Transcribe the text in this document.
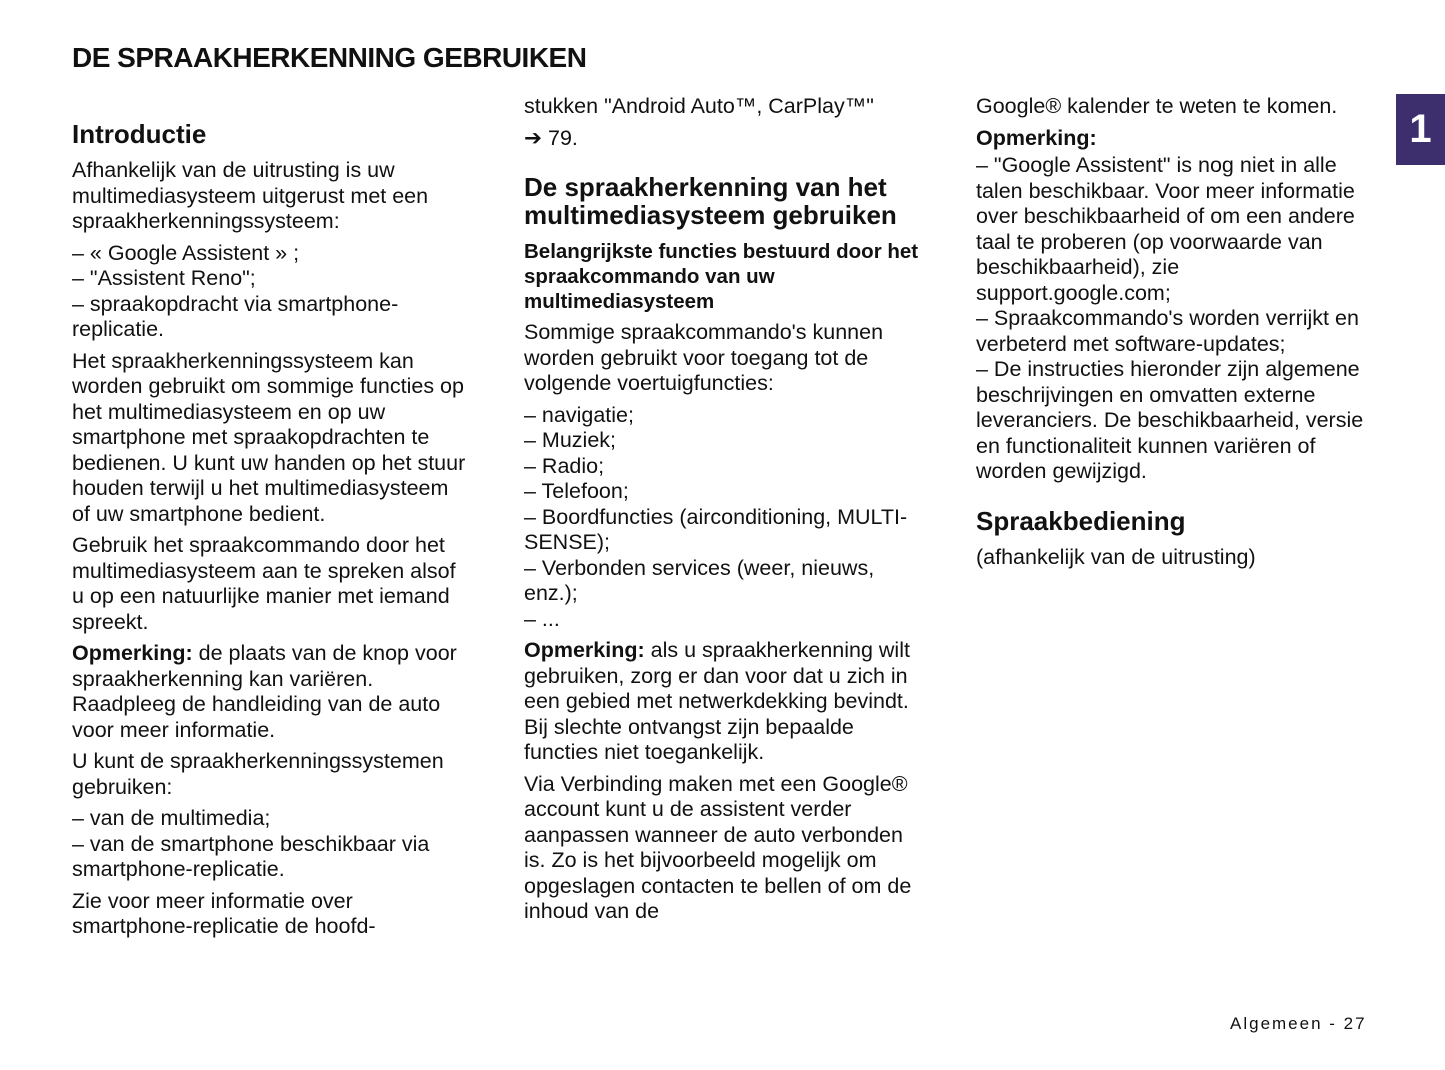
DE SPRAAKHERKENNING GEBRUIKEN
1
Introductie

Afhankelijk van de uitrusting is uw multimediasysteem uitgerust met een spraakherkenningssysteem:

– « Google Assistent » ;
– "Assistent Reno";
– spraakopdracht via smartphone-replicatie.

Het spraakherkenningssysteem kan worden gebruikt om sommige functies op het multimediasysteem en op uw smartphone met spraakopdrachten te bedienen. U kunt uw handen op het stuur houden terwijl u het multimediasysteem of uw smartphone bedient.

Gebruik het spraakcommando door het multimediasysteem aan te spreken alsof u op een natuurlijke manier met iemand spreekt.

Opmerking: de plaats van de knop voor spraakherkenning kan variëren. Raadpleeg de handleiding van de auto voor meer informatie.

U kunt de spraakherkenningssystemen gebruiken:

– van de multimedia;
– van de smartphone beschikbaar via smartphone-replicatie.

Zie voor meer informatie over smartphone-replicatie de hoofd-

stukken "Android Auto™, CarPlay™"

➔ 79.

De spraakherkenning van het multimediasysteem gebruiken
Belangrijkste functies bestuurd door het spraakcommando van uw multimediasysteem

Sommige spraakcommando's kunnen worden gebruikt voor toegang tot de volgende voertuigfuncties:

– navigatie;
– Muziek;
– Radio;
– Telefoon;
– Boordfuncties (airconditioning, MULTI-SENSE);
– Verbonden services (weer, nieuws, enz.);
– ...

Opmerking: als u spraakherkenning wilt gebruiken, zorg er dan voor dat u zich in een gebied met netwerkdekking bevindt. Bij slechte ontvangst zijn bepaalde functies niet toegankelijk.

Via Verbinding maken met een Google® account kunt u de assistent verder aanpassen wanneer de auto verbonden is. Zo is het bijvoorbeeld mogelijk om opgeslagen contacten te bellen of om de inhoud van de

Google® kalender te weten te komen.

Opmerking:

– "Google Assistent" is nog niet in alle talen beschikbaar. Voor meer informatie over beschikbaarheid of om een andere taal te proberen (op voorwaarde van beschikbaarheid), zie support.google.com;
– Spraakcommando's worden verrijkt en verbeterd met software-updates;
– De instructies hieronder zijn algemene beschrijvingen en omvatten externe leveranciers. De beschikbaarheid, versie en functionaliteit kunnen variëren of worden gewijzigd.
Spraakbediening

(afhankelijk van de uitrusting)

Algemeen - 27
